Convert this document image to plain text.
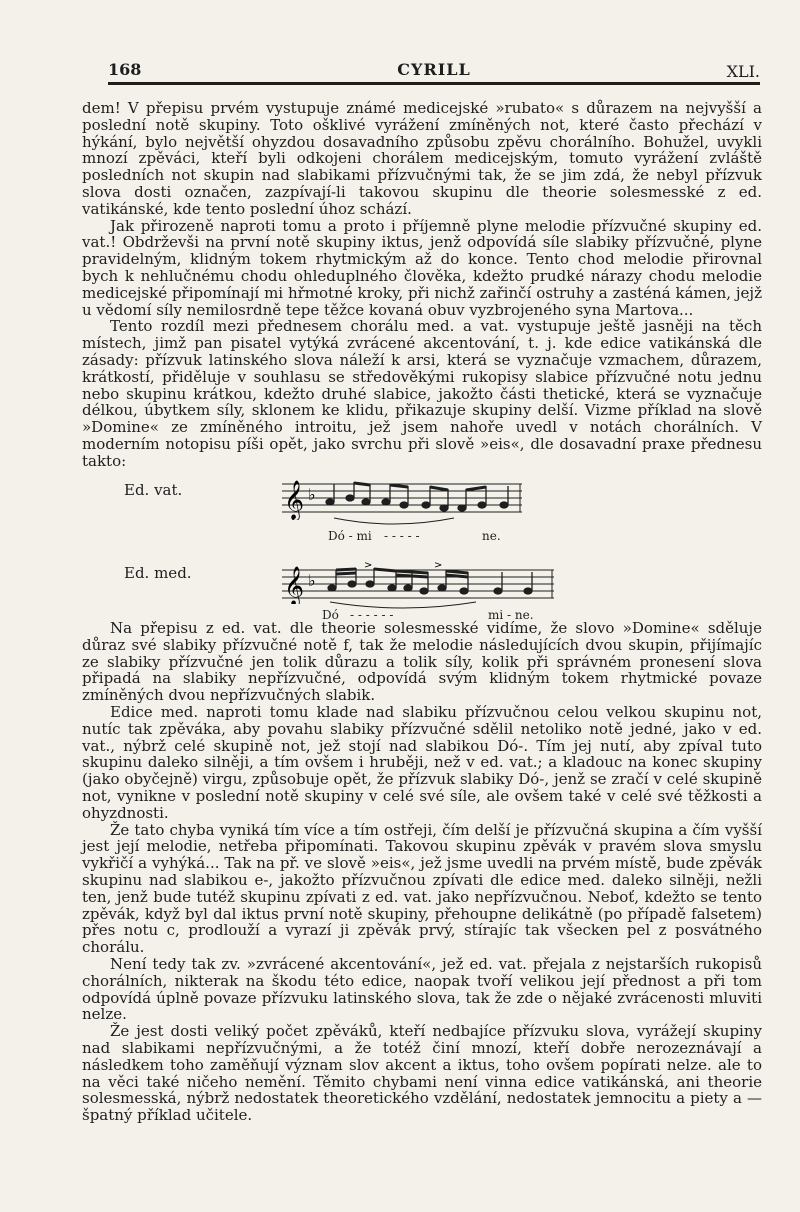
168	CYRILL	XLI.

dem! V přepisu prvém vystupuje známé medicejské »rubato« s důrazem na nejvyšší a poslední notě skupiny. Toto ošklivé vyrážení zmíněných not, které často přechází v hýkání, bylo největší ohyzdou dosavadního způsobu zpěvu chorálního. Bohužel, uvykli mnozí zpěváci, kteří byli odkojeni chorálem medicejským, tomuto vyrážení zvláště posledních not skupin nad slabikami přízvučnými tak, že se jim zdá, že nebyl přízvuk slova dosti označen, zazpívají-li takovou skupinu dle theorie solesmesské z ed. vatikánské, kde tento poslední úhoz schází.

Jak přirozeně naproti tomu a proto i příjemně plyne melodie přízvučné skupiny ed. vat.! Obdrževši na první notě skupiny iktus, jenž odpovídá síle slabiky přízvučné, plyne pravidelným, klidným tokem rhytmickým až do konce. Tento chod melodie přirovnal bych k nehlučnému chodu ohleduplného člověka, kdežto prudké nárazy chodu melodie medicejské připomínají mi hřmotné kroky, při nichž zařinčí ostruhy a zasténá kámen, jejž u vědomí síly nemilosrdně tepe těžce kovaná obuv vyzbrojeného syna Martova...

Tento rozdíl mezi přednesem chorálu med. a vat. vystupuje ještě jasněji na těch místech, jimž pan pisatel vytýká zvrácené akcentování, t. j. kde edice vatikánská dle zásady: přízvuk latinského slova náleží k arsi, která se vyznačuje vzmachem, důrazem, krátkostí, přiděluje v souhlasu se středověkými rukopisy slabice přízvučné notu jednu nebo skupinu krátkou, kdežto druhé slabice, jakožto části thetické, která se vyznačuje délkou, úbytkem síly, sklonem ke klidu, přikazuje skupiny delší. Vizme příklad na slově »Domine« ze zmíněného introitu, jež jsem nahoře uvedl v notách chorálních. V moderním notopisu píši opět, jako svrchu při slově »eis«, dle dosavadní praxe přednesu takto:

Ed. vat.	𝄞 ♭
Dó - mi - - - - -	ne.
Ed. med.	𝄞 ♭
>	>
Dó - - - - - -	mi - ne.

Na přepisu z ed. vat. dle theorie solesmesské vidíme, že slovo »Domine« sděluje důraz své slabiky přízvučné notě f, tak že melodie následujících dvou skupin, přijímajíc ze slabiky přízvučné jen tolik důrazu a tolik síly, kolik při správném pronesení slova připadá na slabiky nepřízvučné, odpovídá svým klidným tokem rhytmické povaze zmíněných dvou nepřízvučných slabik.

Edice med. naproti tomu klade nad slabiku přízvučnou celou velkou skupinu not, nutíc tak zpěváka, aby povahu slabiky přízvučné sdělil netoliko notě jedné, jako v ed. vat., nýbrž celé skupině not, jež stojí nad slabikou Dó-. Tím jej nutí, aby zpíval tuto skupinu daleko silněji, a tím ovšem i hruběji, než v ed. vat.; a kladouc na konec skupiny (jako obyčejně) virgu, způsobuje opět, že přízvuk slabiky Dó-, jenž se zračí v celé skupině not, vynikne v poslední notě skupiny v celé své síle, ale ovšem také v celé své těžkosti a ohyzdnosti.

Že tato chyba vyniká tím více a tím ostřeji, čím delší je přízvučná skupina a čím vyšší jest její melodie, netřeba připomínati. Takovou skupinu zpěvák v pravém slova smyslu vykřičí a vyhýká... Tak na př. ve slově »eis«, jež jsme uvedli na prvém místě, bude zpěvák skupinu nad slabikou e-, jakožto přízvučnou zpívati dle edice med. daleko silněji, nežli ten, jenž bude tutéž skupinu zpívati z ed. vat. jako nepřízvučnou. Neboť, kdežto se tento zpěvák, když byl dal iktus první notě skupiny, přehoupne delikátně (po případě falsetem) přes notu c, prodlouží a vyrazí ji zpěvák prvý, stírajíc tak všecken pel z posvátného chorálu.

Není tedy tak zv. »zvrácené akcentování«, jež ed. vat. přejala z nejstarších rukopisů chorálních, nikterak na škodu této edice, naopak tvoří velikou její přednost a při tom odpovídá úplně povaze přízvuku latinského slova, tak že zde o nějaké zvrácenosti mluviti nelze.

Že jest dosti veliký počet zpěváků, kteří nedbajíce přízvuku slova, vyrážejí skupiny nad slabikami nepřízvučnými, a že totéž činí mnozí, kteří dobře nerozeznávají a následkem toho zaměňují význam slov akcent a iktus, toho ovšem popírati nelze. ale to na věci také ničeho nemění. Těmito chybami není vinna edice vatikánská, ani theorie solesmesská, nýbrž nedostatek theoretického vzdělání, nedostatek jemnocitu a piety a — špatný příklad učitele.
